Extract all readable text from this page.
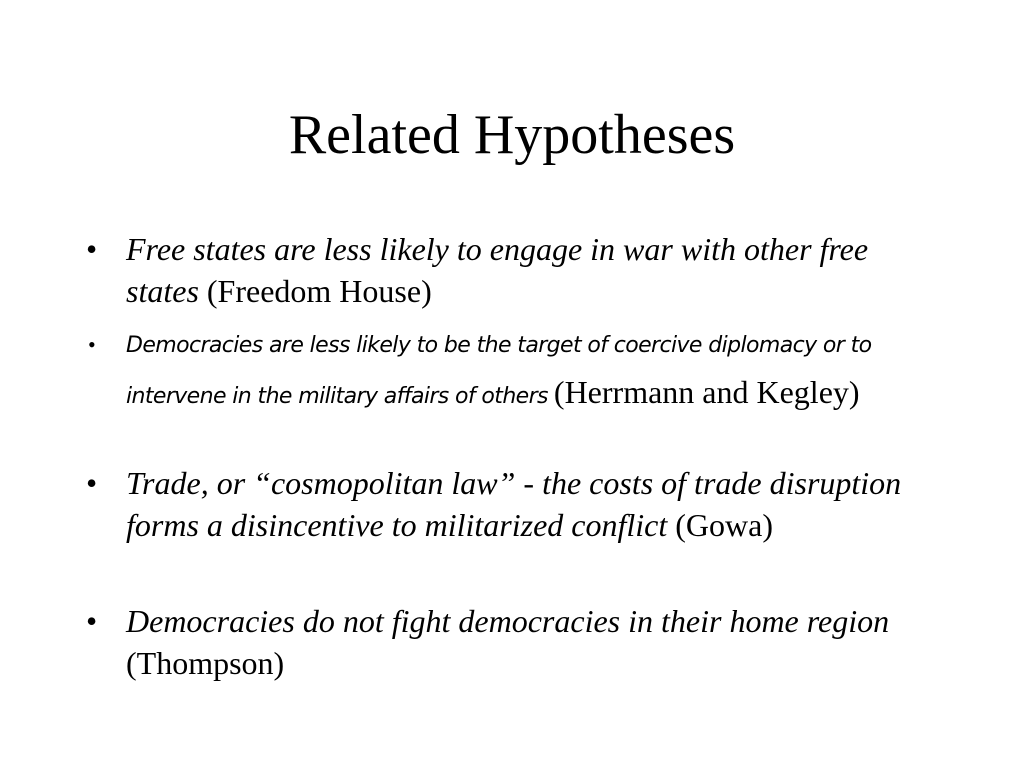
Related Hypotheses
• Free states are less likely to engage in war with other free states (Freedom House)
• Democracies are less likely to be the target of coercive diplomacy or to intervene in the military affairs of others (Herrmann and Kegley)
• Trade, or “cosmopolitan law” - the costs of trade disruption forms a disincentive to militarized conflict (Gowa)
• Democracies do not fight democracies in their home region (Thompson)
